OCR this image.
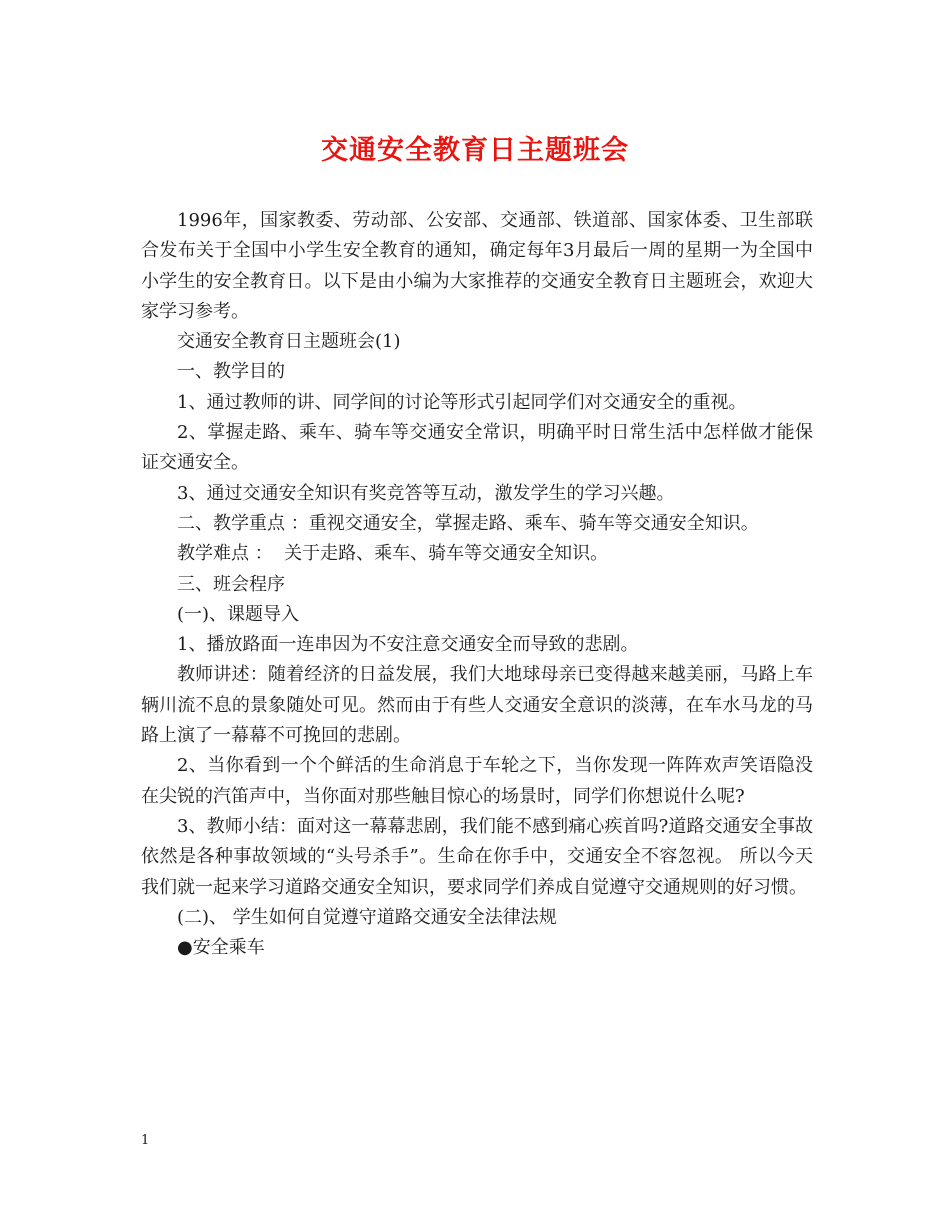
交通安全教育日主题班会

1996年，国家教委、劳动部、公安部、交通部、铁道部、国家体委、卫生部联合发布关于全国中小学生安全教育的通知，确定每年3月最后一周的星期一为全国中小学生的安全教育日。以下是由小编为大家推荐的交通安全教育日主题班会，欢迎大家学习参考。

交通安全教育日主题班会(1)

一、教学目的

1、通过教师的讲、同学间的讨论等形式引起同学们对交通安全的重视。

2、掌握走路、乘车、骑车等交通安全常识，明确平时日常生活中怎样做才能保证交通安全。

3、通过交通安全知识有奖竞答等互动，激发学生的学习兴趣。

二、教学重点 ：重视交通安全，掌握走路、乘车、骑车等交通安全知识。

教学难点 ：  关于走路、乘车、骑车等交通安全知识。

三、班会程序

(一)、课题导入

1、播放路面一连串因为不安注意交通安全而导致的悲剧。

教师讲述：随着经济的日益发展，我们大地球母亲已变得越来越美丽，马路上车辆川流不息的景象随处可见。然而由于有些人交通安全意识的淡薄，在车水马龙的马路上演了一幕幕不可挽回的悲剧。

2、当你看到一个个鲜活的生命消息于车轮之下，当你发现一阵阵欢声笑语隐没在尖锐的汽笛声中，当你面对那些触目惊心的场景时，同学们你想说什么呢?

3、教师小结：面对这一幕幕悲剧，我们能不感到痛心疾首吗?道路交通安全事故依然是各种事故领域的“头号杀手”。生命在你手中，交通安全不容忽视。 所以今天我们就一起来学习道路交通安全知识，要求同学们养成自觉遵守交通规则的好习惯。

(二)、 学生如何自觉遵守道路交通安全法律法规

●安全乘车

1
